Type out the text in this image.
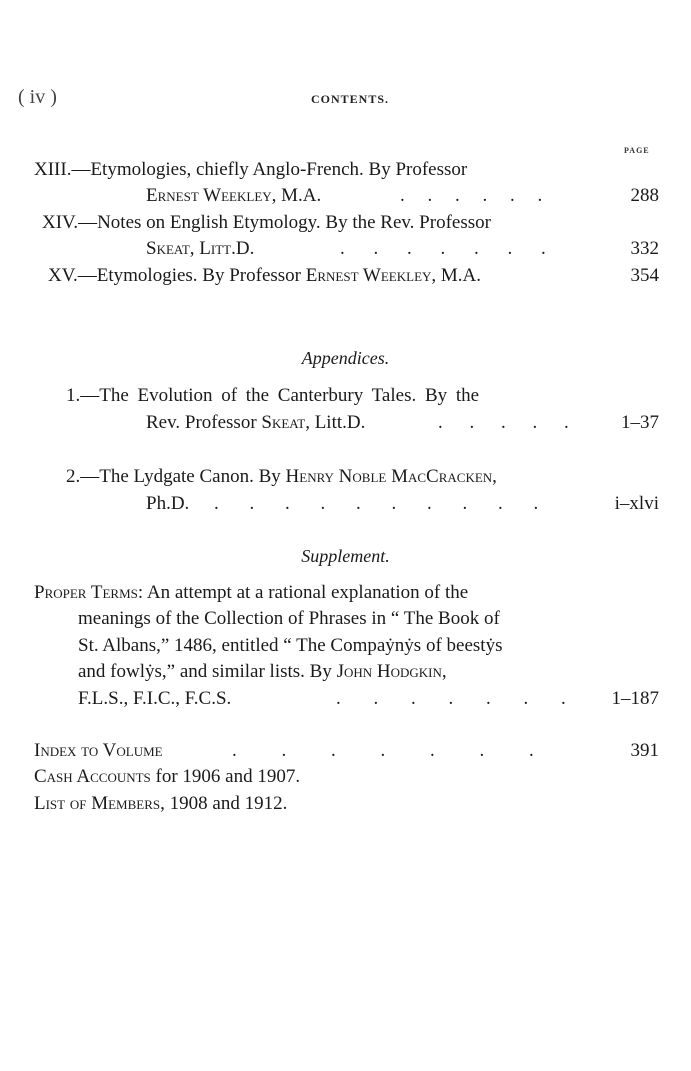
( iv )	CONTENTS.
PAGE
XIII.—Etymologies, chiefly Anglo-French. By Professor
Ernest Weekley, M.A.	. . . . . .	288
XIV.—Notes on English Etymology. By the Rev. Professor
Skeat, Litt.D.	. . . . . . .	332
XV.—Etymologies. By Professor Ernest Weekley, M.A.	354
Appendices.
1.—The Evolution of the Canterbury Tales. By the
Rev. Professor Skeat, Litt.D.	. . . . .	1–37
2.—The Lydgate Canon. By Henry Noble MacCracken,
Ph.D. . . . . . . . . . .	i–xlvi
Supplement.
Proper Terms: An attempt at a rational explanation of the
meanings of the Collection of Phrases in “ The Book of
St. Albans,” 1486, entitled “ The Compaẏnẏs of beestẏs
and fowlẏs,” and similar lists. By John Hodgkin,
F.L.S., F.I.C., F.C.S.	. . . . . . . 1–187
Index to Volume	. . . . . . .	391
Cash Accounts for 1906 and 1907.
List of Members, 1908 and 1912.
